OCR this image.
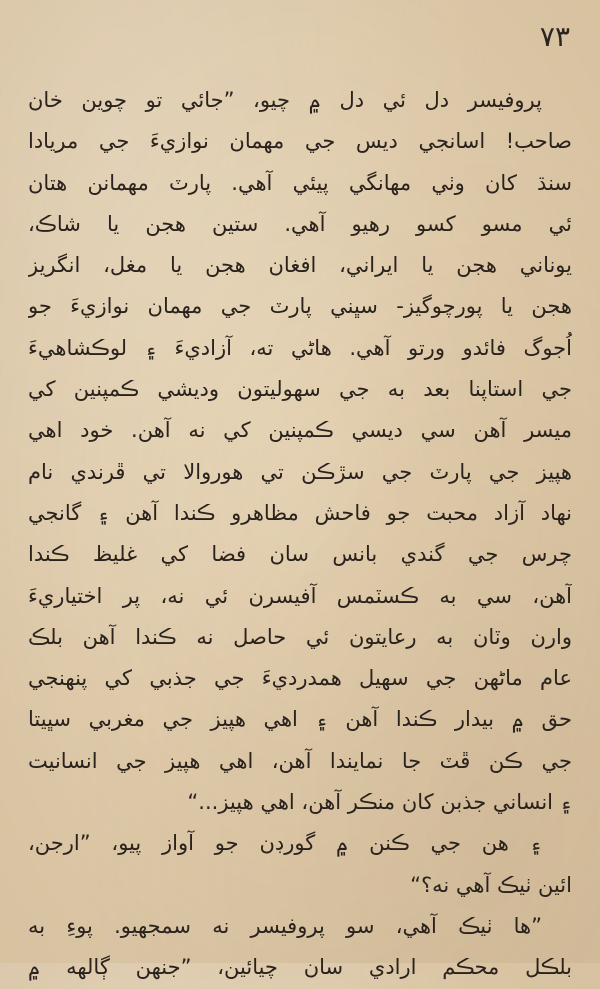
٧٣
پروفيسر دل ئي دل ۾ چيو، ”جائي تو چوين خان
صاحب! اسانجي ديس جي مهمان نوازيءَ جي مريادا
سنڌ کان وٺي مهانگي پيئي آهي. پارٽ مهمانن هتان
ئي مسو کسو رهيو آهي. ستين هجن يا شاڪ،
يوناني هجن يا ايراني، افغان هجن يا مغل، انگريز
هجن يا پورچوگيز- سڀني پارٽ جي مهمان نوازيءَ جو
اُجوگ فائدو ورتو آهي. هاڻي ته، آزاديءَ ۽ لوڪشاهيءَ
جي استاپنا بعد به جي سهوليتون وديشي ڪمپنين کي
ميسر آهن سي ديسي ڪمپنين کي نه آهن. خود اهي
هپيز جي پارٽ جي سڙڪن تي هوروالا تي ڦرندي نام
نهاد آزاد محبت جو فاحش مظاهرو ڪندا آهن ۽ گانجي
چرس جي گندي بانس سان فضا کي غليظ ڪندا
آهن، سي به ڪسٽمس آفيسرن ئي نه، پر اختياريءَ
وارن وٽان به رعايتون ئي حاصل نه ڪندا آهن بلڪ
عام ماڻهن جي سهيل همدرديءَ جي جذبي کي پنهنجي
حق ۾ بيدار ڪندا آهن ۽ اهي هپيز جي مغربي سڀيتا
جي ڪن ڦٽ جا نمايندا آهن، اهي هپيز جي انسانيت
۽ انساني جذبن کان منڪر آهن، اهي هپيز...“
۽ هن جي ڪنن ۾ گورڊن جو آواز پيو، ”ارجن،
ائين ٺيڪ آهي نه؟“
”ها ٺيڪ آهي، سو پروفيسر نه سمجهيو. پوءِ به
بلڪل محڪم ارادي سان چيائين، ”جنهن ڳالهه ۾
